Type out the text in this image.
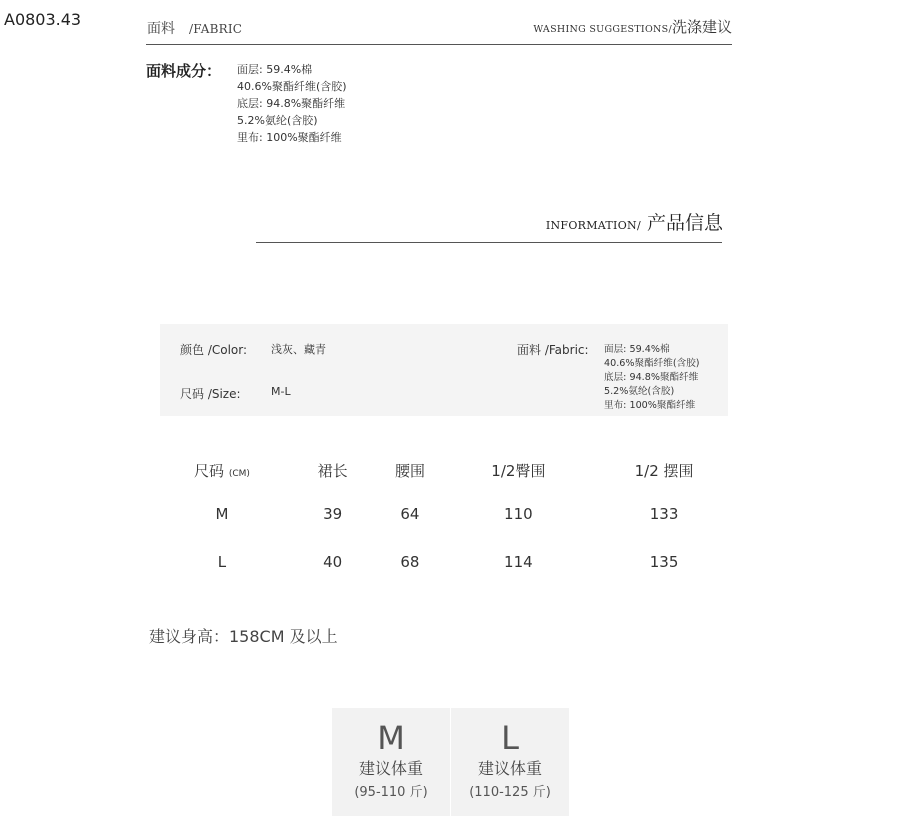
A0803.43	面料 /FABRIC	WASHING SUGGESTIONS/洗涤建议
面料成分： 面层: 59.4%棉
40.6%聚酯纤维(含胶)
底层: 94.8%聚酯纤维
5.2%氨纶(含胶)
里布: 100%聚酯纤维
INFORMATION/ 产品信息
颜色 /Color: 浅灰、藏青
尺码 /Size:	M-L
面料 /Fabric: 面层: 59.4%棉
40.6%聚酯纤维(含胶)
底层: 94.8%聚酯纤维
5.2%氨纶(含胶)
里布: 100%聚酯纤维
尺码 (CM)	裙长	腰围	1/2臀围	1/2 摆围
M	39	64	110	133
L	40	68	114	135
建议身高：158CM 及以上
M
建议体重
(95-110 斤)
L
建议体重
(110-125 斤)
